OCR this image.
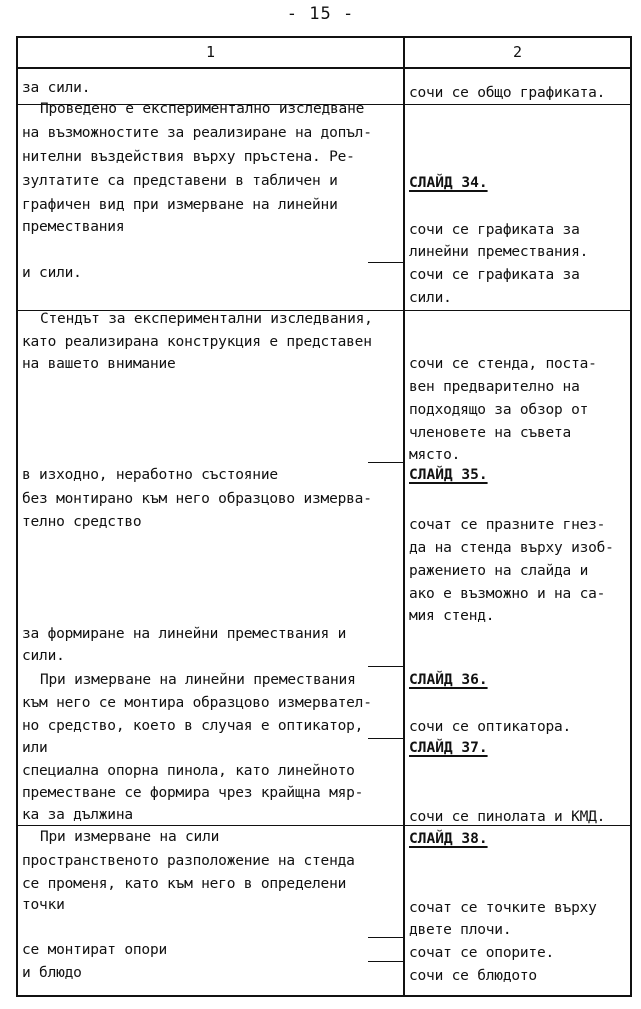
- 15 -
1	2
за сили.	сочи се общо графиката.
Проведено е експериментално изследване
на възможностите за реализиране на допъл-
нителни въздействия върху пръстена. Ре-
зултатите са представени в табличен и
графичен вид при измерване на линейни
премествания
и сили.
СЛАЙД 34.
сочи се графиката за
линейни премествания.
сочи се графиката за
сили.
Стендът за експериментални изследвания,
като реализирана конструкция е представен
на вашето внимание
в изходно, неработно състояние
без монтирано към него образцово измерва-
телно средство
за формиране на линейни премествания и
сили.
При измерване на линейни премествания
към него се монтира образцово измервател-
но средство, което в случая е оптикатор,
или
специална опорна пинола, като линейното
преместване се формира чрез крайщна мяр-
ка за дължина
сочи се стенда, поста-
вен предварително на
подходящо за обзор от
членовете на съвета
място.
СЛАЙД 35.
сочат се празните гнез-
да на стенда върху изоб-
ражението на слайда и
ако е възможно и на са-
мия стенд.
СЛАЙД 36.
сочи се оптикатора.
СЛАЙД 37.
сочи се пинолата и КМД.
При измерване на сили
пространственото разположение на стенда
се променя, като към него в определени
точки
се монтират опори
и блюдо
СЛАЙД 38.
сочат се точките върху
двете плочи.
сочат се опорите.
сочи се блюдото
